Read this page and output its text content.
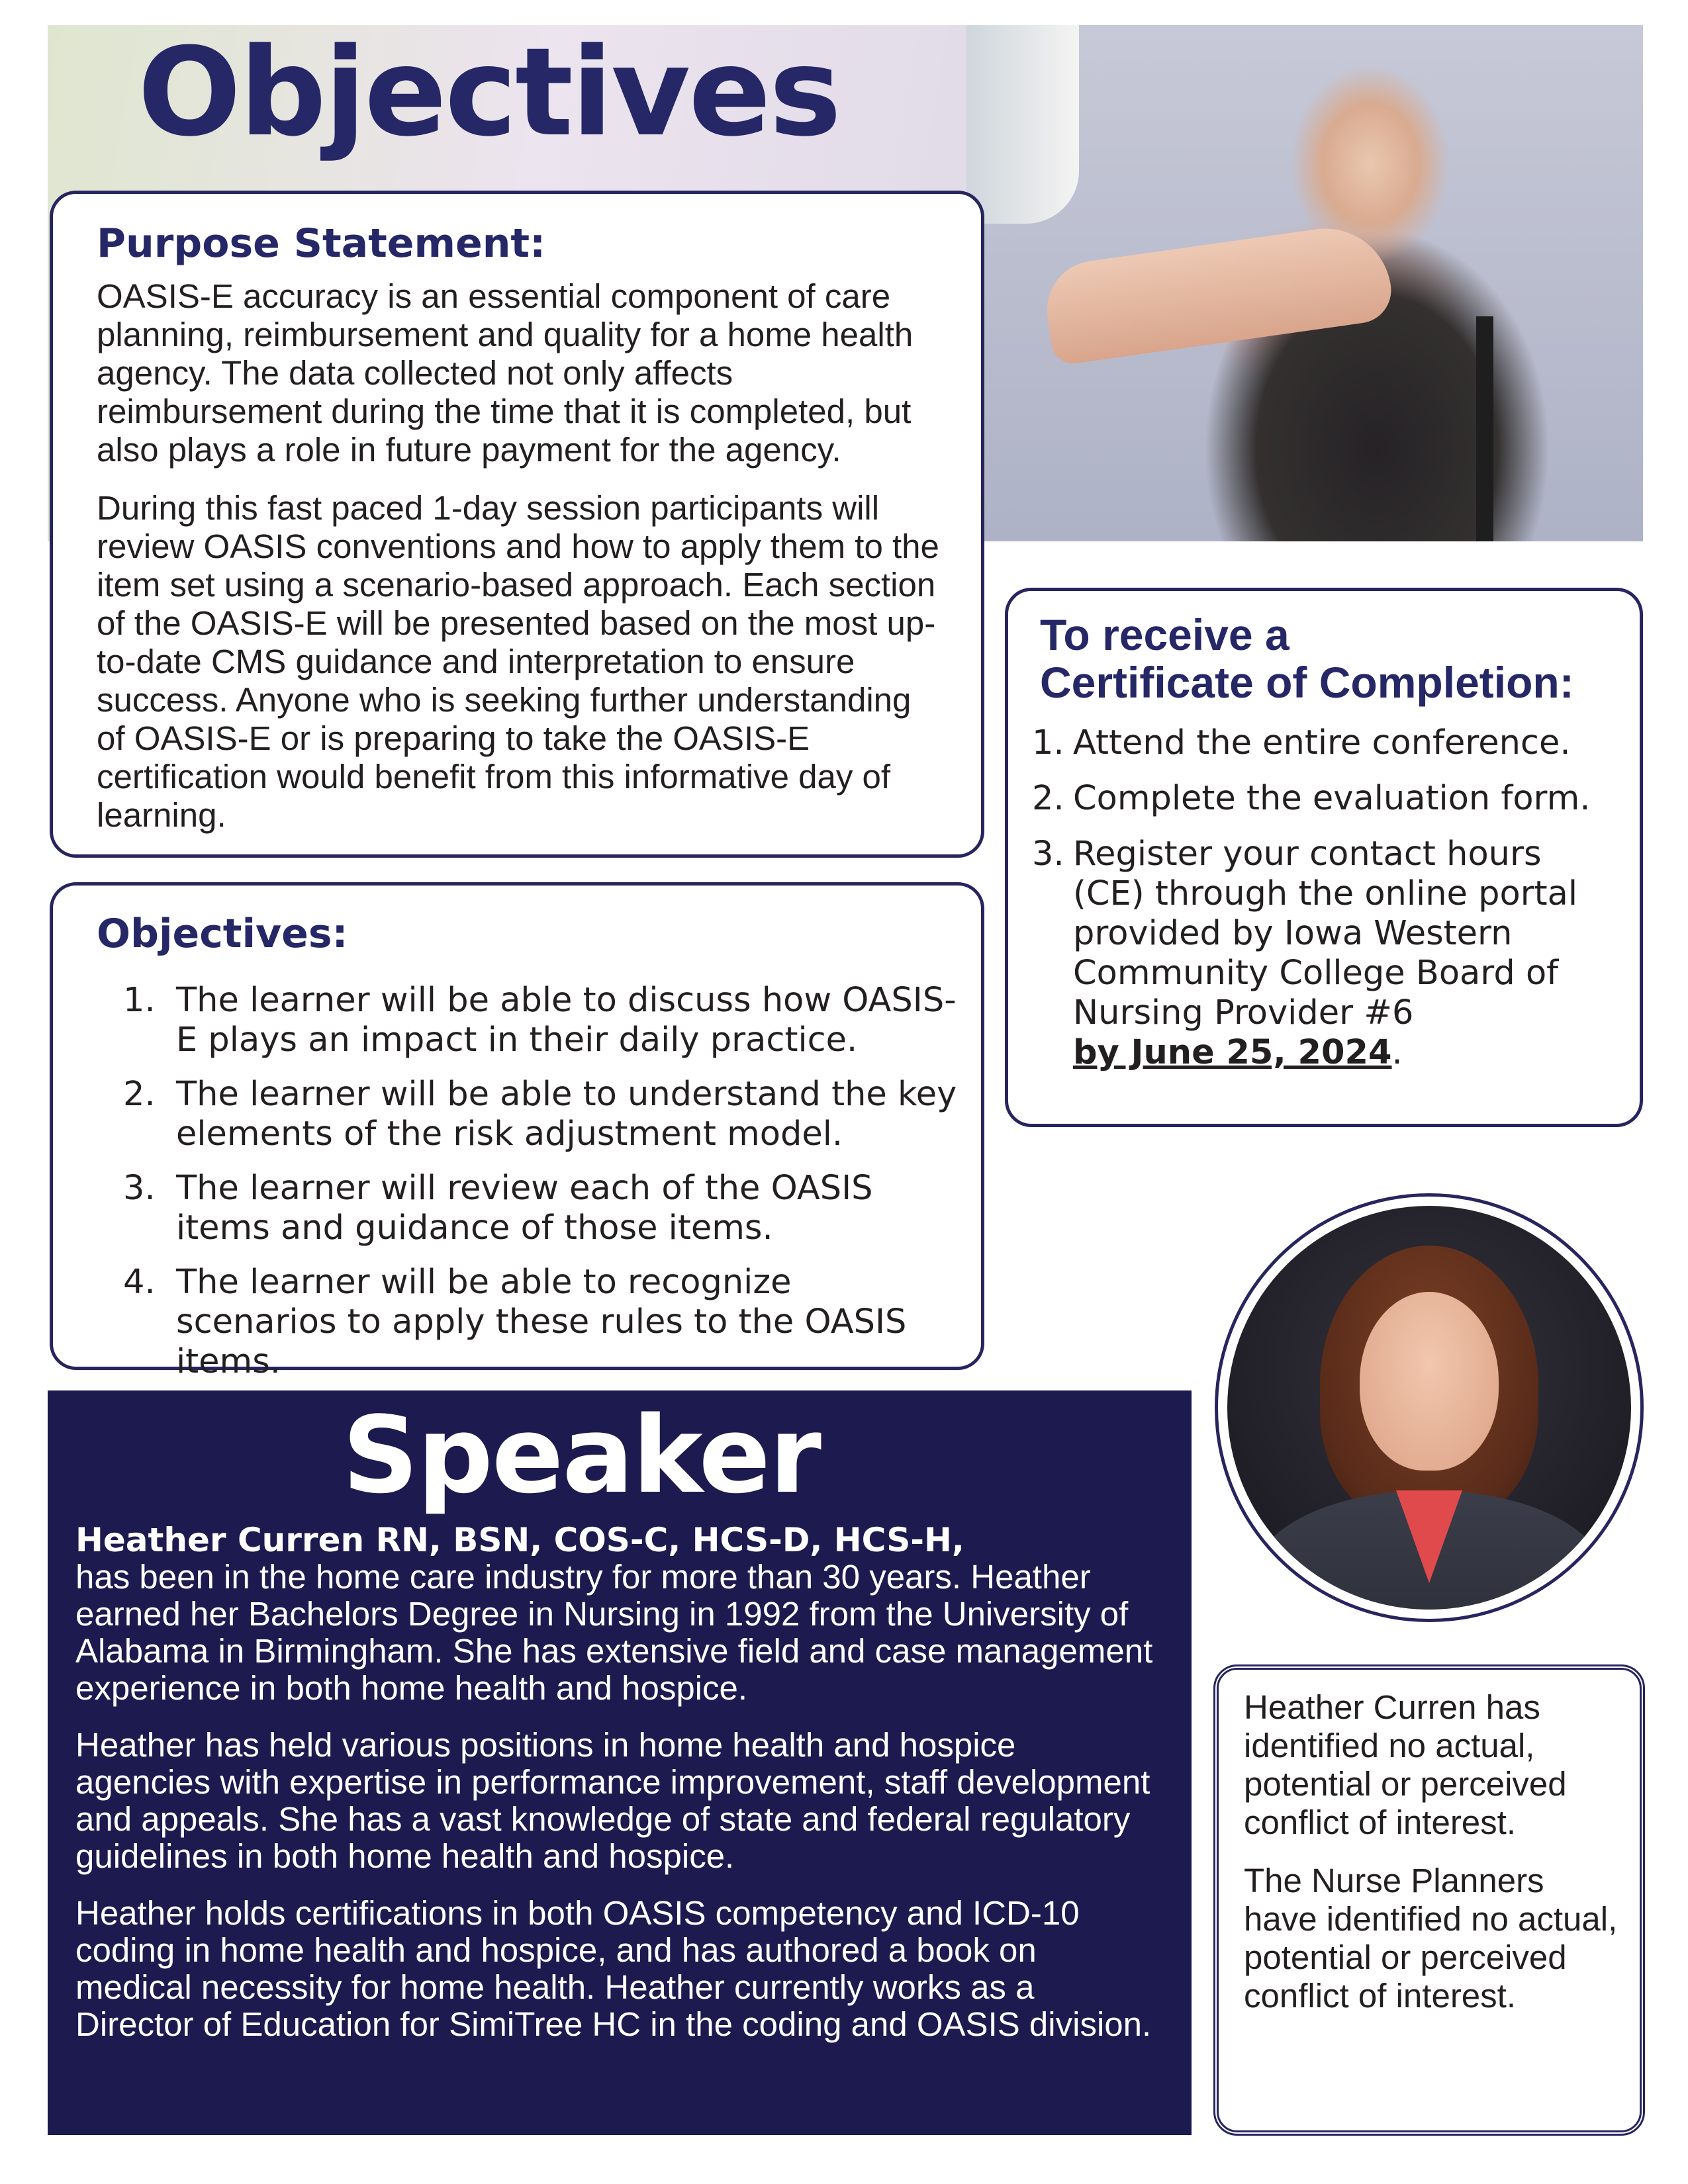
Objectives
Purpose Statement:

OASIS-E accuracy is an essential component of care planning, reimbursement and quality for a home health agency. The data collected not only affects reimbursement during the time that it is completed, but also plays a role in future payment for the agency.

During this fast paced 1-day session participants will review OASIS conventions and how to apply them to the item set using a scenario-based approach. Each section of the OASIS-E will be presented based on the most up-to-date CMS guidance and interpretation to ensure success. Anyone who is seeking further understanding of OASIS-E or is preparing to take the OASIS-E certification would benefit from this informative day of learning.

To receive a
Certificate of Completion:
1. Attend the entire conference.
2. Complete the evaluation form.
3. Register your contact hours (CE) through the online portal provided by Iowa Western Community College Board of Nursing Provider #6
by June 25, 2024.
Objectives:
1. The learner will be able to discuss how OASIS-E plays an impact in their daily practice.
2. The learner will be able to understand the key elements of the risk adjustment model.
3. The learner will review each of the OASIS items and guidance of those items.
4. The learner will be able to recognize scenarios to apply these rules to the OASIS items.
Speaker

Heather Curren RN, BSN, COS-C, HCS-D, HCS-H,
has been in the home care industry for more than 30 years. Heather earned her Bachelors Degree in Nursing in 1992 from the University of Alabama in Birmingham. She has extensive field and case management experience in both home health and hospice.

Heather has held various positions in home health and hospice agencies with expertise in performance improvement, staff development and appeals. She has a vast knowledge of state and federal regulatory guidelines in both home health and hospice.

Heather holds certifications in both OASIS competency and ICD-10 coding in home health and hospice, and has authored a book on medical necessity for home health. Heather currently works as a Director of Education for SimiTree HC in the coding and OASIS division.

Heather Curren has identified no actual, potential or perceived conflict of interest.

The Nurse Planners have identified no actual, potential or perceived conflict of interest.
